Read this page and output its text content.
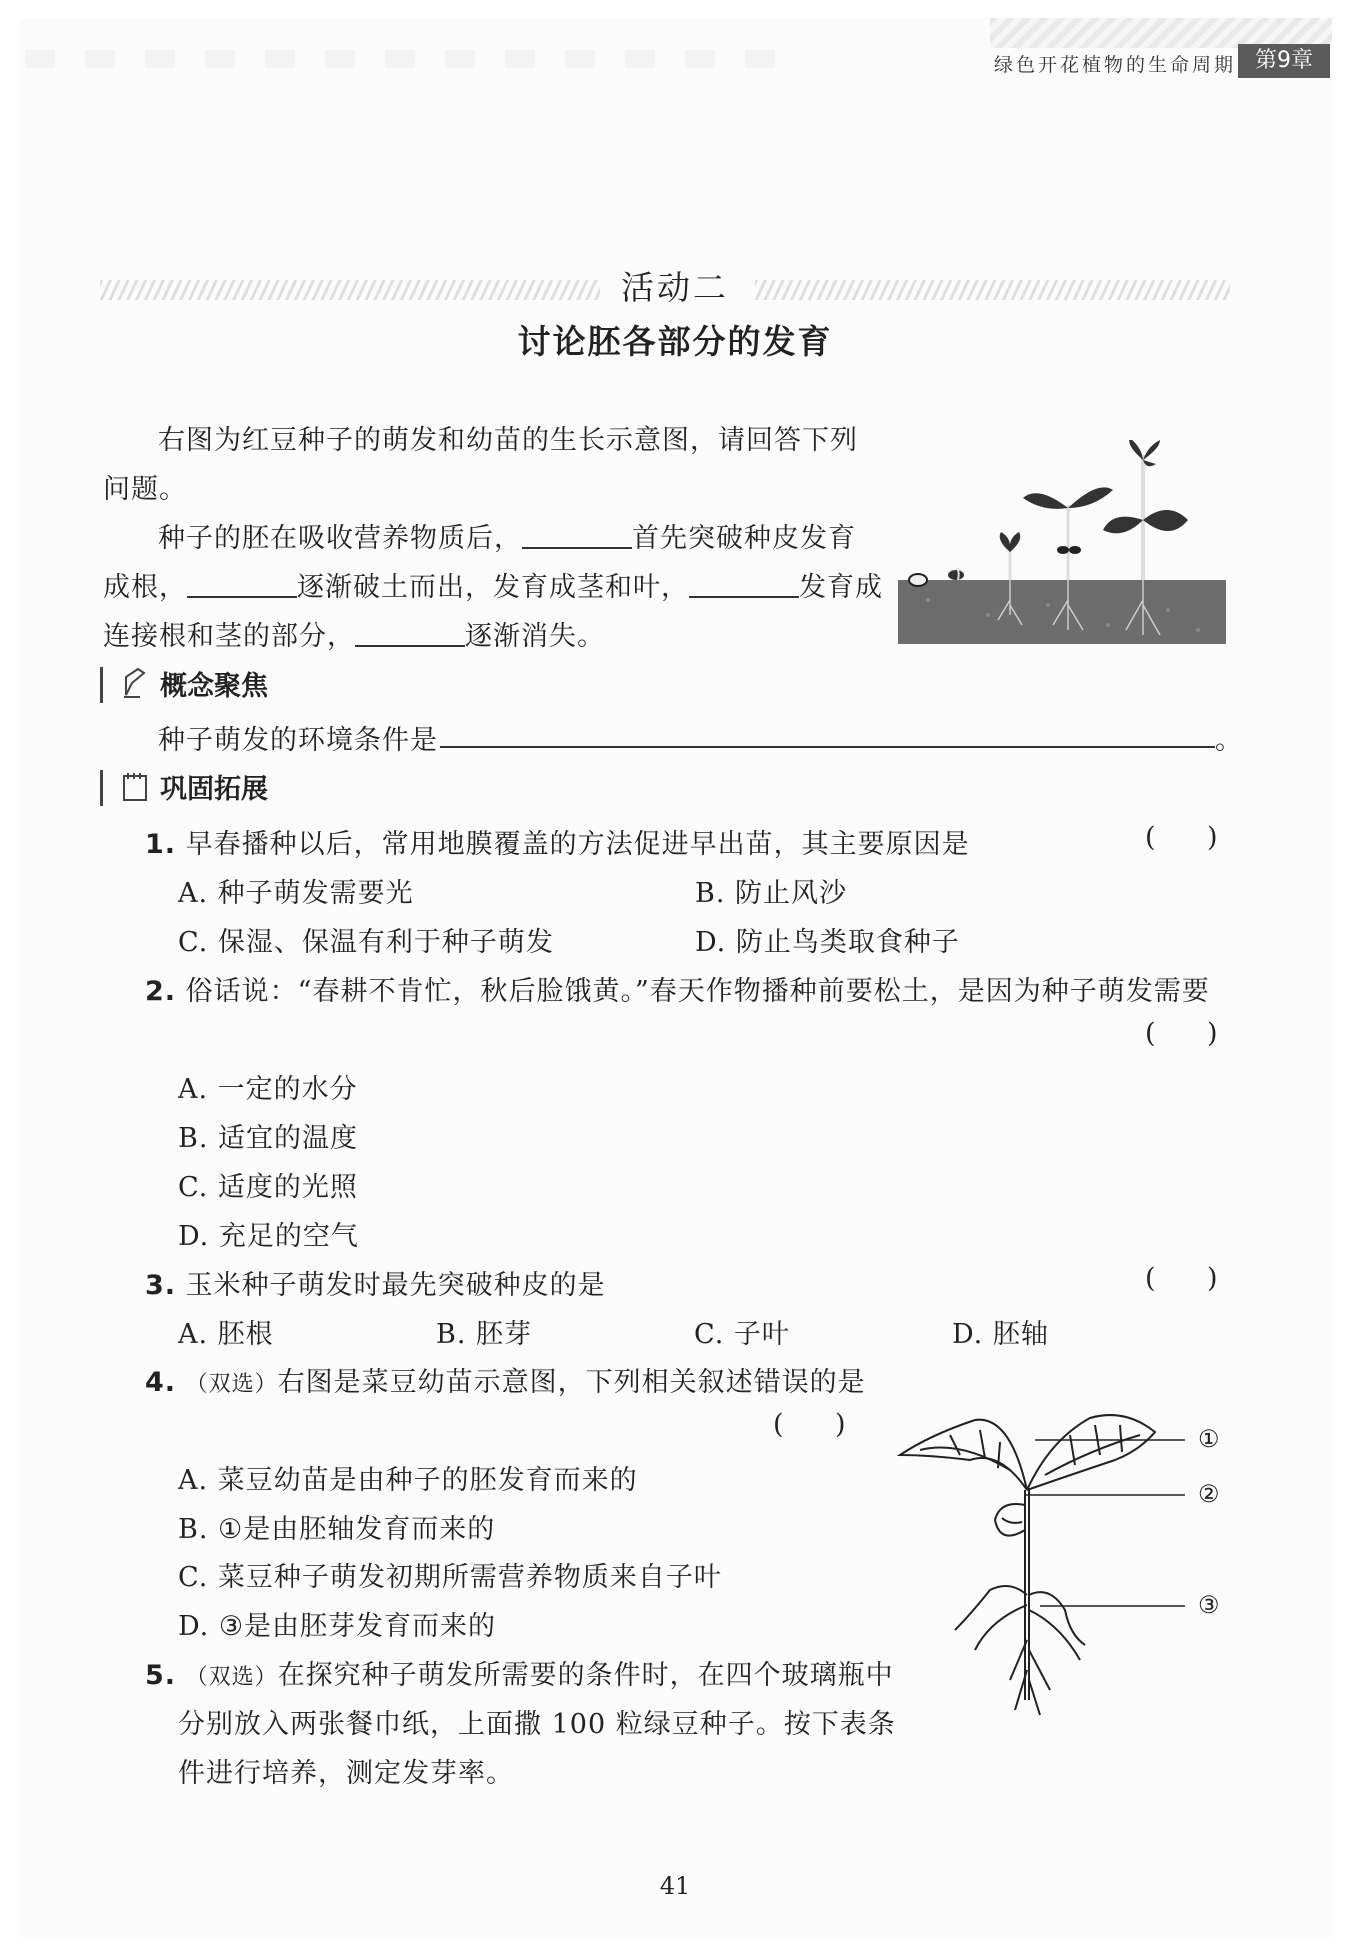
绿色开花植物的生命周期 第9章
活动二
讨论胚各部分的发育
右图为红豆种子的萌发和幼苗的生长示意图，请回答下列
问题。
种子的胚在吸收营养物质后，	首先突破种皮发育
成根，	逐渐破土而出，发育成茎和叶，	发育成
连接根和茎的部分，	逐渐消失。
概念聚焦
种子萌发的环境条件是	。
巩固拓展
1. 早春播种以后，常用地膜覆盖的方法促进早出苗，其主要原因是	(      )
A. 种子萌发需要光	B. 防止风沙
C. 保湿、保温有利于种子萌发	D. 防止鸟类取食种子
2. 俗话说：“春耕不肯忙，秋后脸饿黄。”春天作物播种前要松土，是因为种子萌发需要
(      )
A. 一定的水分
B. 适宜的温度
C. 适度的光照
D. 充足的空气
3. 玉米种子萌发时最先突破种皮的是	(      )
A. 胚根	B. 胚芽	C. 子叶	D. 胚轴
4. （双选）右图是菜豆幼苗示意图，下列相关叙述错误的是
(      )
A. 菜豆幼苗是由种子的胚发育而来的
B. ①是由胚轴发育而来的
C. 菜豆种子萌发初期所需营养物质来自子叶
D. ③是由胚芽发育而来的
①
②
③
5. （双选）在探究种子萌发所需要的条件时，在四个玻璃瓶中
分别放入两张餐巾纸，上面撒 100 粒绿豆种子。按下表条
件进行培养，测定发芽率。
41
